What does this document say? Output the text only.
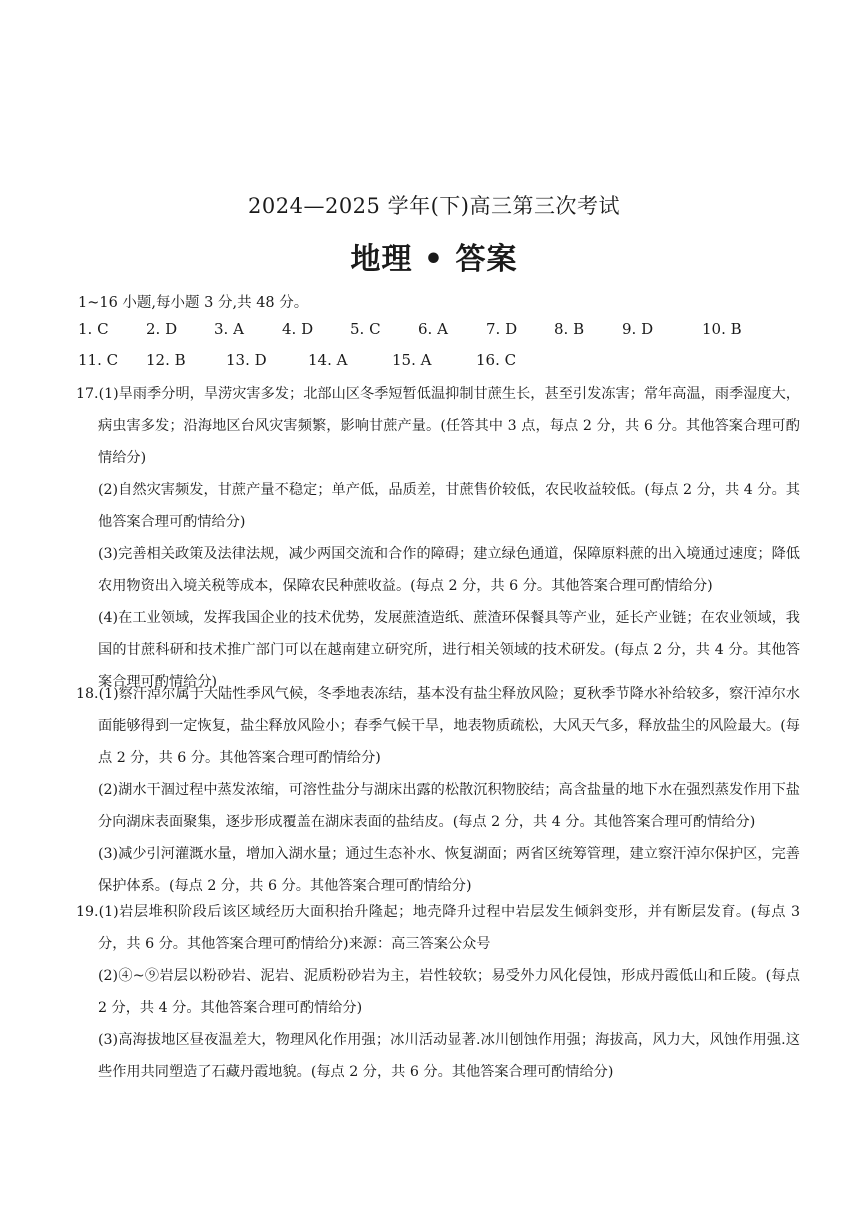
2024—2025 学年(下)高三第三次考试
地理 • 答案
1~16 小题,每小题 3 分,共 48 分。
1. C 2. D 3. A	4. D 5. C 6. A	7. D 8. B	9. D	10. B
11. C 12. B	13. D	14. A	15. A	16. C

17.(1)旱雨季分明，旱涝灾害多发；北部山区冬季短暂低温抑制甘蔗生长，甚至引发冻害；常年高温，雨季湿度大，病虫害多发；沿海地区台风灾害频繁，影响甘蔗产量。(任答其中 3 点，每点 2 分，共 6 分。其他答案合理可酌情给分)

(2)自然灾害频发，甘蔗产量不稳定；单产低，品质差，甘蔗售价较低，农民收益较低。(每点 2 分，共 4 分。其他答案合理可酌情给分)

(3)完善相关政策及法律法规，减少两国交流和合作的障碍；建立绿色通道，保障原料蔗的出入境通过速度；降低农用物资出入境关税等成本，保障农民种蔗收益。(每点 2 分，共 6 分。其他答案合理可酌情给分)

(4)在工业领域，发挥我国企业的技术优势，发展蔗渣造纸、蔗渣环保餐具等产业，延长产业链；在农业领域，我国的甘蔗科研和技术推广部门可以在越南建立研究所，进行相关领域的技术研发。(每点 2 分，共 4 分。其他答案合理可酌情给分)

18.(1)察汗淖尔属于大陆性季风气候，冬季地表冻结，基本没有盐尘释放风险；夏秋季节降水补给较多，察汗淖尔水面能够得到一定恢复，盐尘释放风险小；春季气候干旱，地表物质疏松，大风天气多，释放盐尘的风险最大。(每点 2 分，共 6 分。其他答案合理可酌情给分)

(2)湖水干涸过程中蒸发浓缩，可溶性盐分与湖床出露的松散沉积物胶结；高含盐量的地下水在强烈蒸发作用下盐分向湖床表面聚集，逐步形成覆盖在湖床表面的盐结皮。(每点 2 分，共 4 分。其他答案合理可酌情给分)

(3)减少引河灌溉水量，增加入湖水量；通过生态补水、恢复湖面；两省区统筹管理，建立察汗淖尔保护区，完善保护体系。(每点 2 分，共 6 分。其他答案合理可酌情给分)

19.(1)岩层堆积阶段后该区域经历大面积抬升隆起；地壳降升过程中岩层发生倾斜变形，并有断层发育。(每点 3 分，共 6 分。其他答案合理可酌情给分)来源：高三答案公众号

(2)④~⑨岩层以粉砂岩、泥岩、泥质粉砂岩为主，岩性较软；易受外力风化侵蚀，形成丹霞低山和丘陵。(每点 2 分，共 4 分。其他答案合理可酌情给分)

(3)高海拔地区昼夜温差大，物理风化作用强；冰川活动显著.冰川刨蚀作用强；海拔高，风力大，风蚀作用强.这些作用共同塑造了石藏丹霞地貌。(每点 2 分，共 6 分。其他答案合理可酌情给分)
